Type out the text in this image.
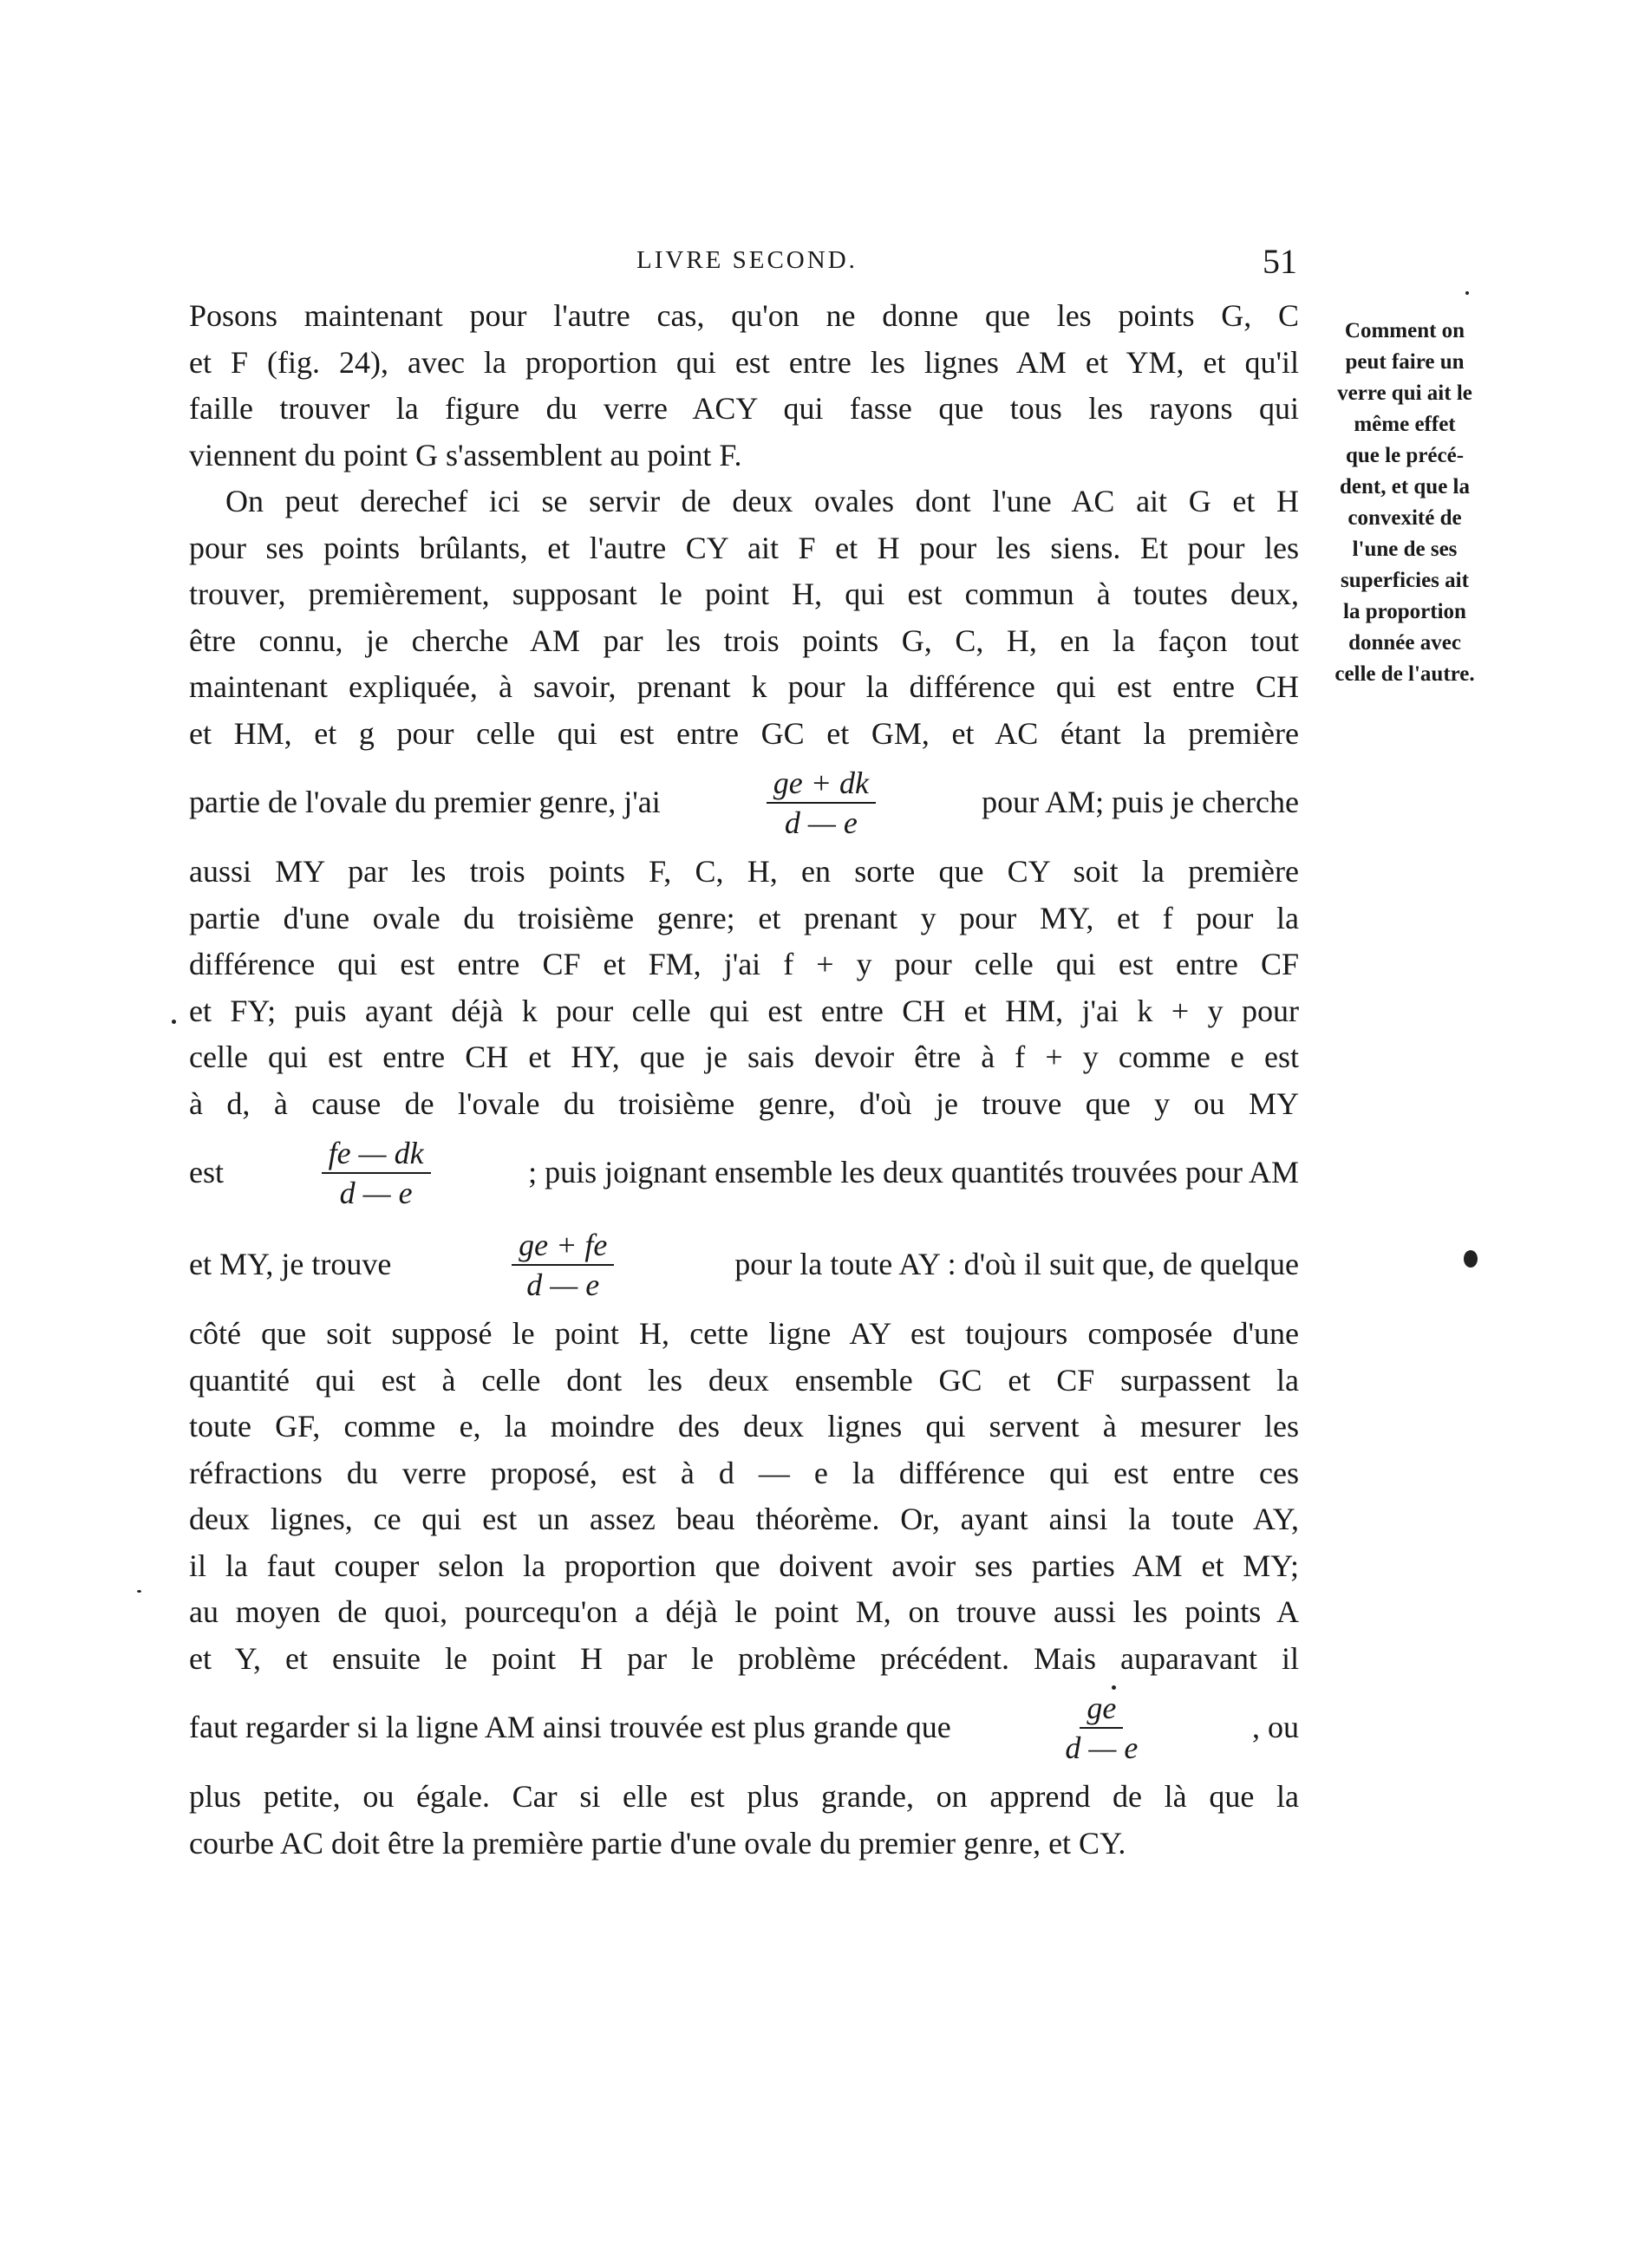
LIVRE SECOND.	51
Comment on
peut faire un
verre qui ait le
même effet
que le précé-
dent, et que la
convexité de
l'une de ses
superficies ait
la proportion
donnée avec
celle de l'autre.
Posons maintenant pour l'autre cas, qu'on ne donne que les points G, C
et F (fig. 24), avec la proportion qui est entre les lignes AM et YM, et qu'il
faille trouver la figure du verre ACY qui fasse que tous les rayons qui
viennent du point G s'assemblent au point F.
On peut derechef ici se servir de deux ovales dont l'une AC ait G et H
pour ses points brûlants, et l'autre CY ait F et H pour les siens. Et pour les
trouver, premièrement, supposant le point H, qui est commun à toutes deux,
être connu, je cherche AM par les trois points G, C, H, en la façon tout
maintenant expliquée, à savoir, prenant k pour la différence qui est entre CH
et HM, et g pour celle qui est entre GC et GM, et AC étant la première
partie de l'ovale du premier genre, j'ai	$\frac{ge + dk}{d — e}$	pour AM; puis je cherche
aussi MY par les trois points F, C, H, en sorte que CY soit la première
partie d'une ovale du troisième genre; et prenant y pour MY, et f pour la
différence qui est entre CF et FM, j'ai f + y pour celle qui est entre CF
et FY; puis ayant déjà k pour celle qui est entre CH et HM, j'ai k + y pour
celle qui est entre CH et HY, que je sais devoir être à f + y comme e est
à d, à cause de l'ovale du troisième genre, d'où je trouve que y ou MY
est	$\frac{fe — dk}{d — e}$	; puis joignant ensemble les deux quantités trouvées pour AM
et MY, je trouve	$\frac{ge + fe}{d — e}$	pour la toute AY : d'où il suit que, de quelque
côté que soit supposé le point H, cette ligne AY est toujours composée d'une
quantité qui est à celle dont les deux ensemble GC et CF surpassent la
toute GF, comme e, la moindre des deux lignes qui servent à mesurer les
réfractions du verre proposé, est à d — e la différence qui est entre ces
deux lignes, ce qui est un assez beau théorème. Or, ayant ainsi la toute AY,
il la faut couper selon la proportion que doivent avoir ses parties AM et MY;
au moyen de quoi, pourcequ'on a déjà le point M, on trouve aussi les points A
et Y, et ensuite le point H par le problème précédent. Mais auparavant il
faut regarder si la ligne AM ainsi trouvée est plus grande que	$\frac{ge}{d — e}$	, ou
plus petite, ou égale. Car si elle est plus grande, on apprend de là que la
courbe AC doit être la première partie d'une ovale du premier genre, et CY.
